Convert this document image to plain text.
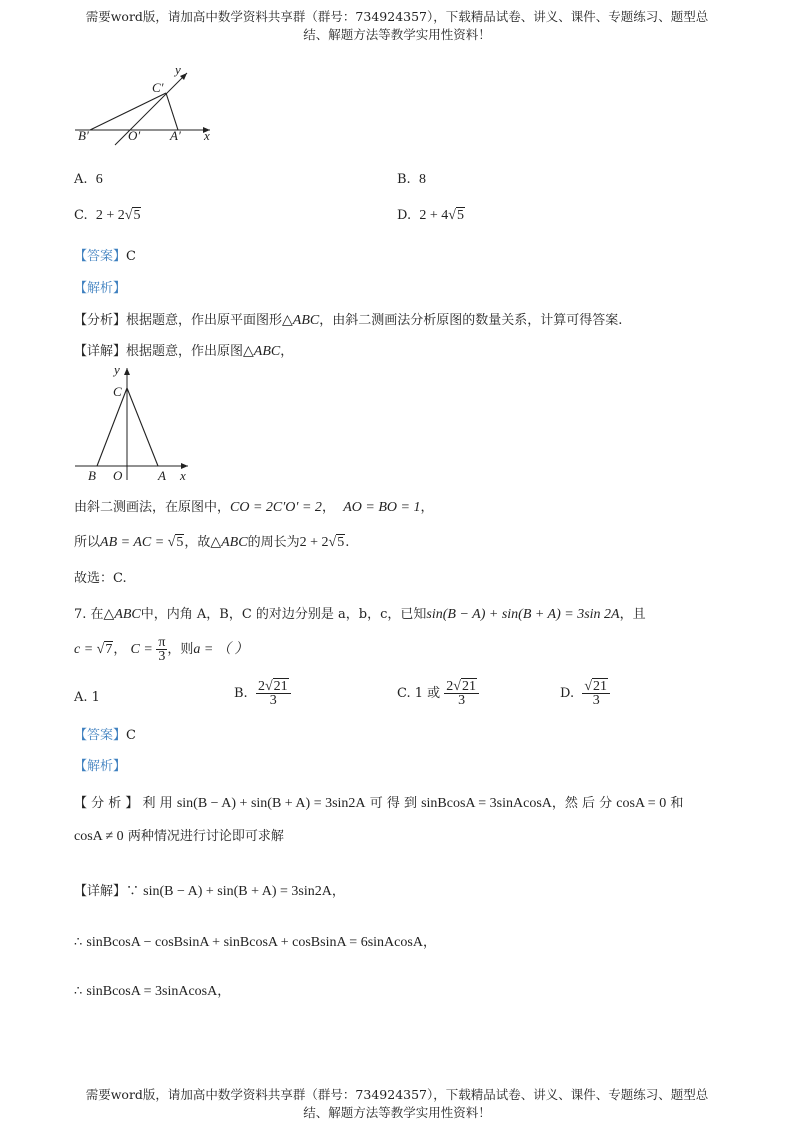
需要word版，请加高中数学资料共享群（群号：734924357），下载精品试卷、讲义、课件、专题练习、题型总
结、解题方法等教学实用性资料！
y
C′
B′	O′ A′ x
A. 6	B. 8
C. 2 + 2√5	D. 2 + 4√5
【答案】C
【解析】
【分析】根据题意，作出原平面图形△ABC，由斜二测画法分析原图的数量关系，计算可得答案.
【详解】根据题意，作出原图△ABC，
y
C
B O	A x
由斜二测画法，在原图中，CO = 2C′O′ = 2， AO = BO = 1，
所以AB = AC = √5，故△ABC的周长为2 + 2√5.
故选：C.
7. 在△ABC中，内角 A，B，C 的对边分别是 a，b，c，已知sin(B − A) + sin(B + A) = 3sin 2A，且
c = √7， $C = \frac{\pi}{3}$ ，则a = （ ）
A. 1	B. $\frac{2√21}{3}$	C. 1 或 $\frac{2√21}{3}$	D. $\frac{√21}{3}$
【答案】C
【解析】
【 分 析 】 利 用 sin(B − A) + sin(B + A) = 3sin2A 可 得 到 sinBcosA = 3sinAcosA，然 后 分 cosA = 0 和
cosA ≠ 0 两种情况进行讨论即可求解
【详解】∵ sin(B − A) + sin(B + A) = 3sin2A，
∴ sinBcosA − cosBsinA + sinBcosA + cosBsinA = 6sinAcosA，
∴ sinBcosA = 3sinAcosA，
需要word版，请加高中数学资料共享群（群号：734924357），下载精品试卷、讲义、课件、专题练习、题型总
结、解题方法等教学实用性资料！
